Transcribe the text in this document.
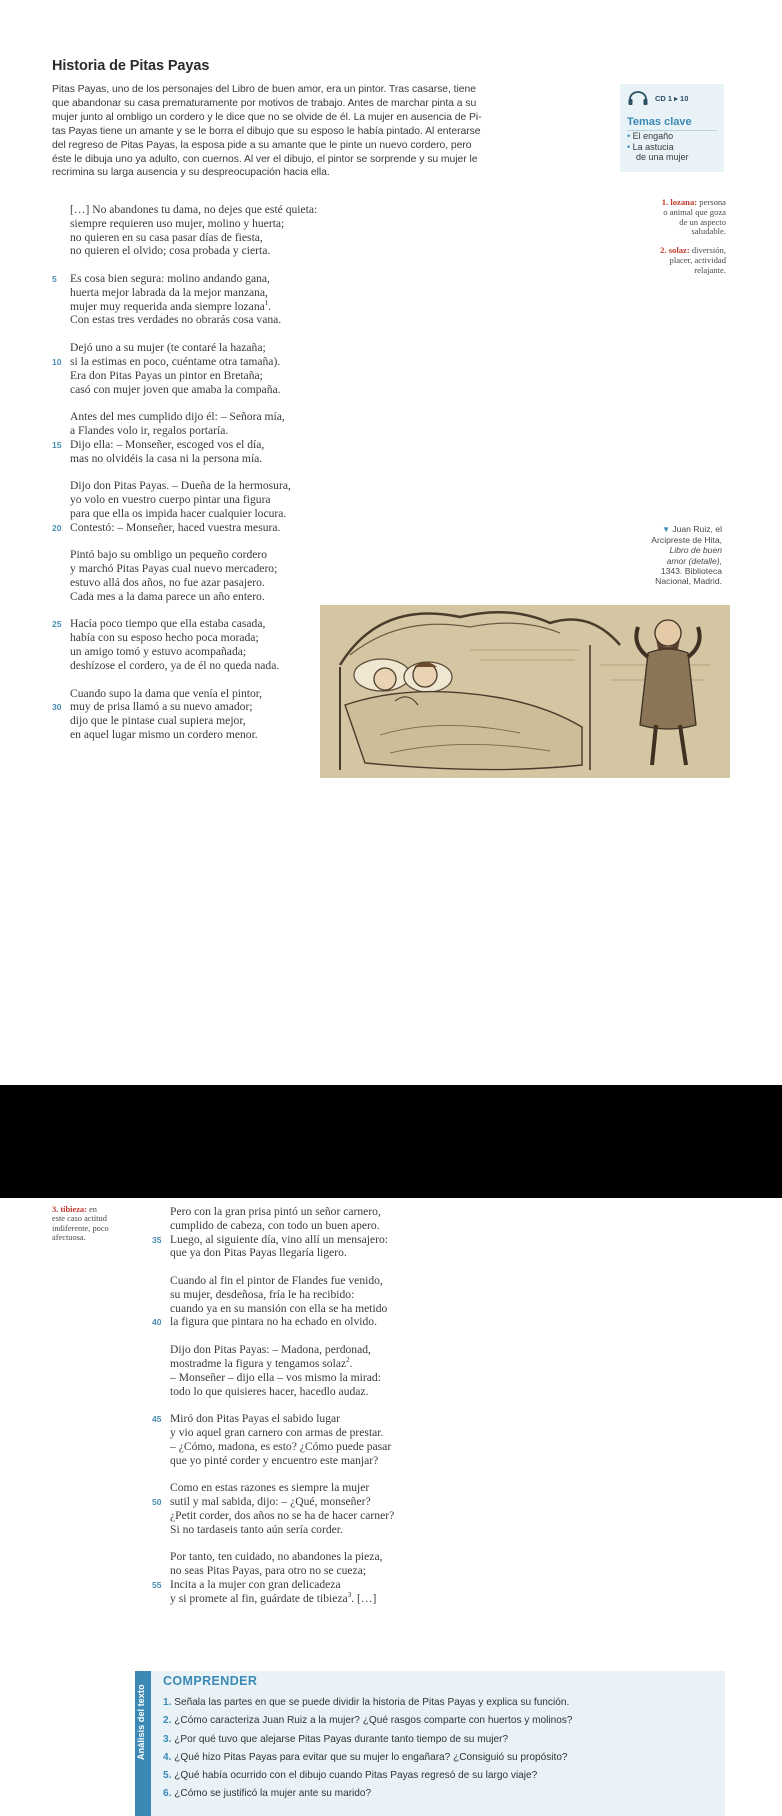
Historia de Pitas Payas

Pitas Payas, uno de los personajes del Libro de buen amor, era un pintor. Tras casarse, tiene

que abandonar su casa prematuramente por motivos de trabajo. Antes de marchar pinta a su

mujer junto al ombligo un cordero y le dice que no se olvide de él. La mujer en ausencia de Pi-

tas Payas tiene un amante y se le borra el dibujo que su esposo le había pintado. Al enterarse

del regreso de Pitas Payas, la esposa pide a su amante que le pinte un nuevo cordero, pero

éste le dibuja uno ya adulto, con cuernos. Al ver el dibujo, el pintor se sorprende y su mujer le

recrimina su larga ausencia y su despreocupación hacia ella.

[…] No abandones tu dama, no dejes que esté quieta:
siempre requieren uso mujer, molino y huerta;
no quieren en su casa pasar días de fiesta,
no quieren el olvido; cosa probada y cierta.
5	Es cosa bien segura: molino andando gana,
huerta mejor labrada da la mejor manzana,
mujer muy requerida anda siempre lozana$^1$.
Con estas tres verdades no obrarás cosa vana.
Dejó uno a su mujer (te contaré la hazaña;
10 si la estimas en poco, cuéntame otra tamaña).
Era don Pitas Payas un pintor en Bretaña;
casó con mujer joven que amaba la compaña.
Antes del mes cumplido dijo él: – Señora mía,
a Flandes volo ir, regalos portaría.
15 Dijo ella: – Monseñer, escoged vos el día,
mas no olvidéis la casa ni la persona mía.
Dijo don Pitas Payas. – Dueña de la hermosura,
yo volo en vuestro cuerpo pintar una figura
para que ella os impida hacer cualquier locura.
20 Contestó: – Monseñer, haced vuestra mesura.
Pintó bajo su ombligo un pequeño cordero
y marchó Pitas Payas cual nuevo mercadero;
estuvo allá dos años, no fue azar pasajero.
Cada mes a la dama parece un año entero.
25 Hacía poco tiempo que ella estaba casada,
había con su esposo hecho poca morada;
un amigo tomó y estuvo acompañada;
deshízose el cordero, ya de él no queda nada.
Cuando supo la dama que venía el pintor,
30 muy de prisa llamó a su nuevo amador;
dijo que le pintase cual supiera mejor,
en aquel lugar mismo un cordero menor.
CD 1 ▸ 10
Temas clave
• El engaño
• La astucia
de una mujer
1. lozana: persona
o animal que goza
de un aspecto
saludable.
2. solaz: diversión,
placer, actividad
relajante.
▼ Juan Ruiz, el
Arcipreste de Hita,
Libro de buen
amor (detalle),
1343. Biblioteca
Nacional, Madrid.
3. tibieza: en
este caso actitud
indiferente, poco
afectuosa.
Pero con la gran prisa pintó un señor carnero,
cumplido de cabeza, con todo un buen apero.
35 Luego, al siguiente día, vino allí un mensajero:
que ya don Pitas Payas llegaría ligero.
Cuando al fin el pintor de Flandes fue venido,
su mujer, desdeñosa, fría le ha recibido:
cuando ya en su mansión con ella se ha metido
40 la figura que pintara no ha echado en olvido.
Dijo don Pitas Payas: – Madona, perdonad,
mostradme la figura y tengamos solaz$^2$.
– Monseñer – dijo ella – vos mismo la mirad:
todo lo que quisieres hacer, hacedlo audaz.
45 Miró don Pitas Payas el sabido lugar
y vio aquel gran carnero con armas de prestar.
– ¿Cómo, madona, es esto? ¿Cómo puede pasar
que yo pinté corder y encuentro este manjar?
Como en estas razones es siempre la mujer
50 sutil y mal sabida, dijo: – ¿Qué, monseñer?
¿Petit corder, dos años no se ha de hacer carner?
Si no tardaseis tanto aún sería corder.
Por tanto, ten cuidado, no abandones la pieza,
no seas Pitas Payas, para otro no se cueza;
55 Incita a la mujer con gran delicadeza
y si promete al fin, guárdate de tibieza$^3$. […]
Análisis del texto
COMPRENDER
1. Señala las partes en que se puede dividir la historia de Pitas Payas y explica su función.
2. ¿Cómo caracteriza Juan Ruiz a la mujer? ¿Qué rasgos comparte con huertos y molinos?
3. ¿Por qué tuvo que alejarse Pitas Payas durante tanto tiempo de su mujer?
4. ¿Qué hizo Pitas Payas para evitar que su mujer lo engañara? ¿Consiguió su propósito?
5. ¿Qué había ocurrido con el dibujo cuando Pitas Payas regresó de su largo viaje?
6. ¿Cómo se justificó la mujer ante su marido?
